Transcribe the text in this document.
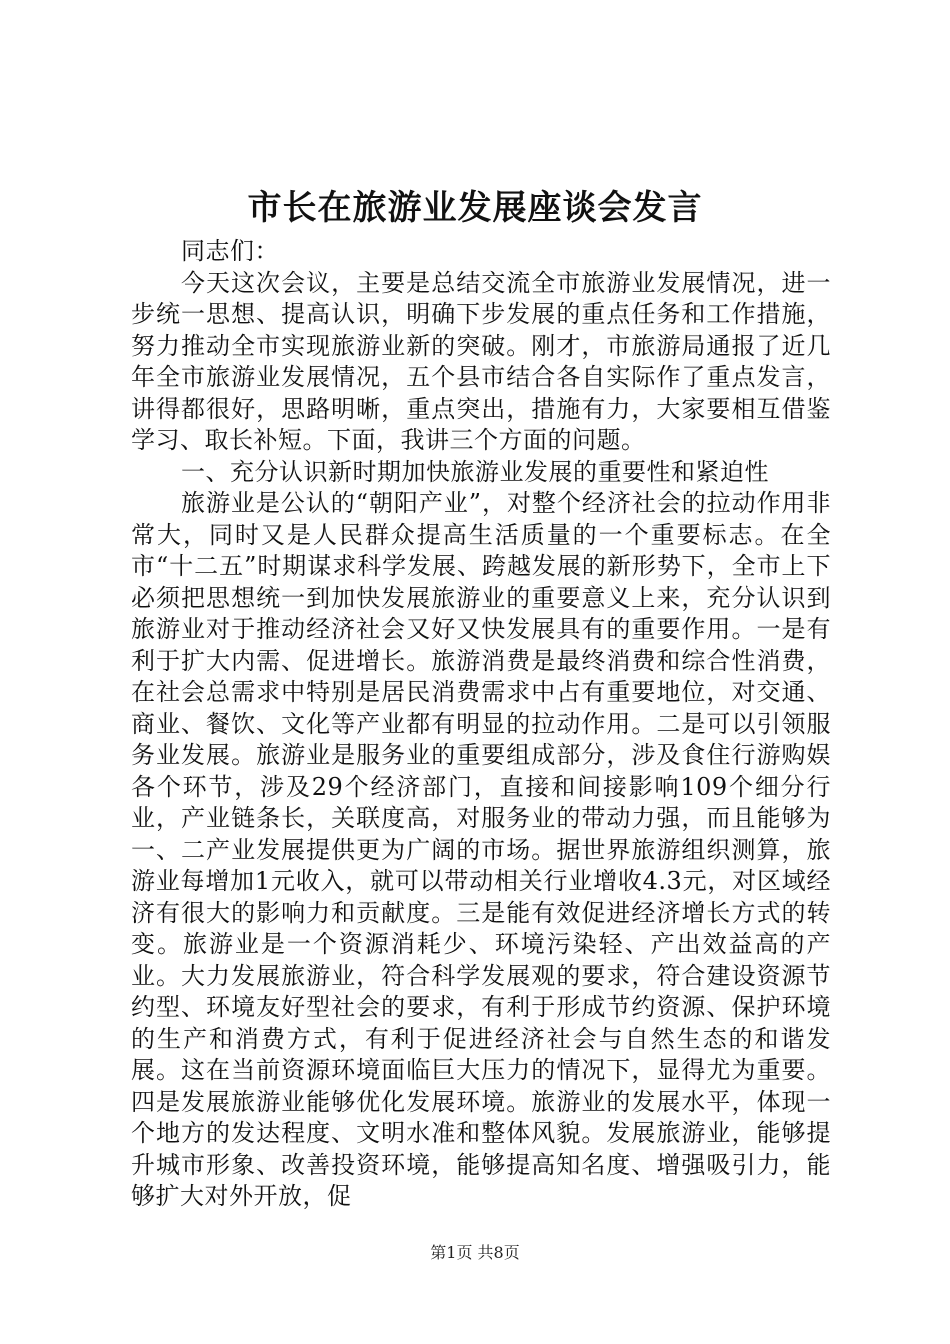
市长在旅游业发展座谈会发言

同志们：

今天这次会议，主要是总结交流全市旅游业发展情况，进一步统一思想、提高认识，明确下步发展的重点任务和工作措施，努力推动全市实现旅游业新的突破。刚才，市旅游局通报了近几年全市旅游业发展情况，五个县市结合各自实际作了重点发言，讲得都很好，思路明晰，重点突出，措施有力，大家要相互借鉴学习、取长补短。下面，我讲三个方面的问题。

一、充分认识新时期加快旅游业发展的重要性和紧迫性

旅游业是公认的“朝阳产业”，对整个经济社会的拉动作用非常大，同时又是人民群众提高生活质量的一个重要标志。在全市“十二五”时期谋求科学发展、跨越发展的新形势下，全市上下必须把思想统一到加快发展旅游业的重要意义上来，充分认识到旅游业对于推动经济社会又好又快发展具有的重要作用。一是有利于扩大内需、促进增长。旅游消费是最终消费和综合性消费，在社会总需求中特别是居民消费需求中占有重要地位，对交通、商业、餐饮、文化等产业都有明显的拉动作用。二是可以引领服务业发展。旅游业是服务业的重要组成部分，涉及食住行游购娱各个环节，涉及29个经济部门，直接和间接影响109个细分行业，产业链条长，关联度高，对服务业的带动力强，而且能够为一、二产业发展提供更为广阔的市场。据世界旅游组织测算，旅游业每增加1元收入，就可以带动相关行业增收4.3元，对区域经济有很大的影响力和贡献度。三是能有效促进经济增长方式的转变。旅游业是一个资源消耗少、环境污染轻、产出效益高的产业。大力发展旅游业，符合科学发展观的要求，符合建设资源节约型、环境友好型社会的要求，有利于形成节约资源、保护环境的生产和消费方式，有利于促进经济社会与自然生态的和谐发展。这在当前资源环境面临巨大压力的情况下，显得尤为重要。四是发展旅游业能够优化发展环境。旅游业的发展水平，体现一个地方的发达程度、文明水准和整体风貌。发展旅游业，能够提升城市形象、改善投资环境，能够提高知名度、增强吸引力，能够扩大对外开放，促

第1页 共8页
